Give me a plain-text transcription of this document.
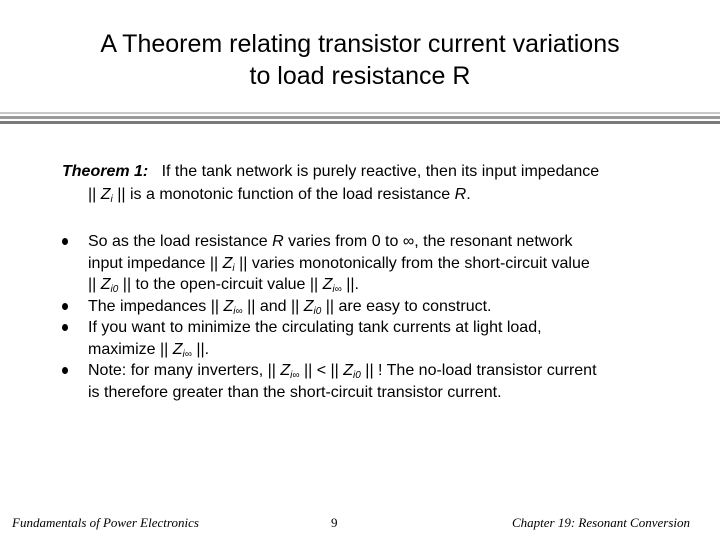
A Theorem relating transistor current variations
to load resistance R
Theorem 1: If the tank network is purely reactive, then its input impedance
|| $Z_i$ || is a monotonic function of the load resistance R.
So as the load resistance R varies from 0 to ∞, the resonant network
input impedance || $Z_i$ || varies monotonically from the short-circuit value
|| $Z_{i0}$ || to the open-circuit value || $Z_{i\infty}$ ||.
The impedances || $Z_{i\infty}$ || and || $Z_{i0}$ || are easy to construct.
If you want to minimize the circulating tank currents at light load,
maximize || $Z_{i\infty}$ ||.
Note: for many inverters, || $Z_{i\infty}$ || < || $Z_{i0}$ || ! The no-load transistor current
is therefore greater than the short-circuit transistor current.
Fundamentals of Power Electronics	9	Chapter 19: Resonant Conversion
